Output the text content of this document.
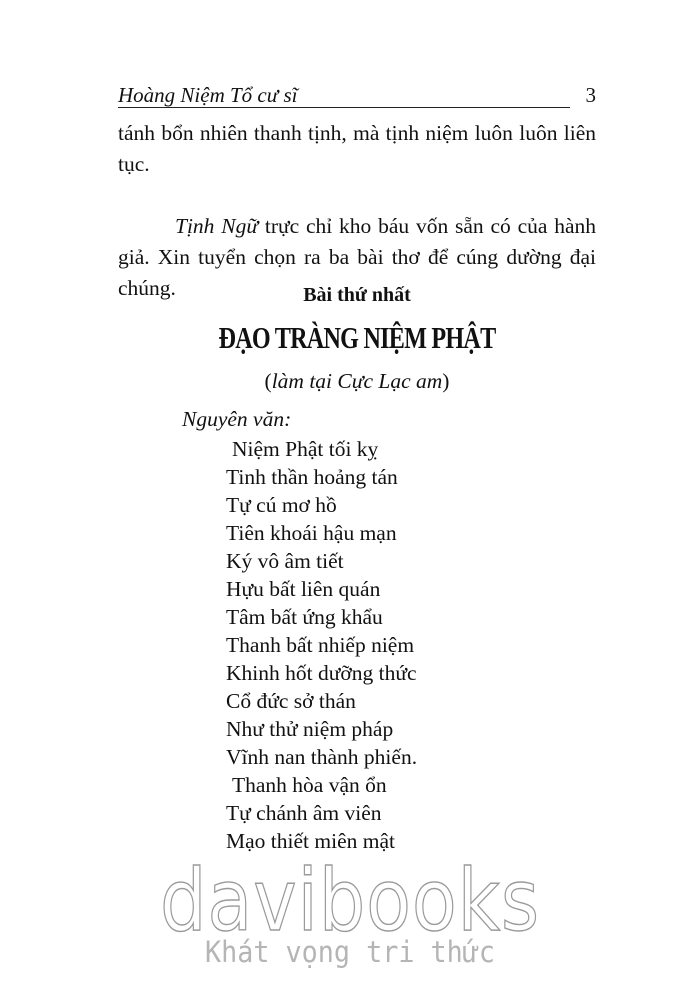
Hoàng Niệm Tổ cư sĩ	3
tánh bổn nhiên thanh tịnh, mà tịnh niệm luôn luôn liên tục.
Tịnh Ngữ trực chỉ kho báu vốn sẵn có của hành giả. Xin tuyển chọn ra ba bài thơ để cúng dường đại chúng.	Bài thứ nhất
ĐẠO TRÀNG NIỆM PHẬT
(làm tại Cực Lạc am)
Nguyên văn:
Niệm Phật tối kỵ
Tinh thần hoảng tán
Tự cú mơ hồ
Tiên khoái hậu mạn
Ký vô âm tiết
Hựu bất liên quán
Tâm bất ứng khẩu
Thanh bất nhiếp niệm
Khinh hốt dưỡng thức
Cổ đức sở thán
Như thử niệm pháp
Vĩnh nan thành phiến.
Thanh hòa vận ổn
Tự chánh âm viên
Mạo thiết miên mật
davibooks
Khát vọng tri thức
